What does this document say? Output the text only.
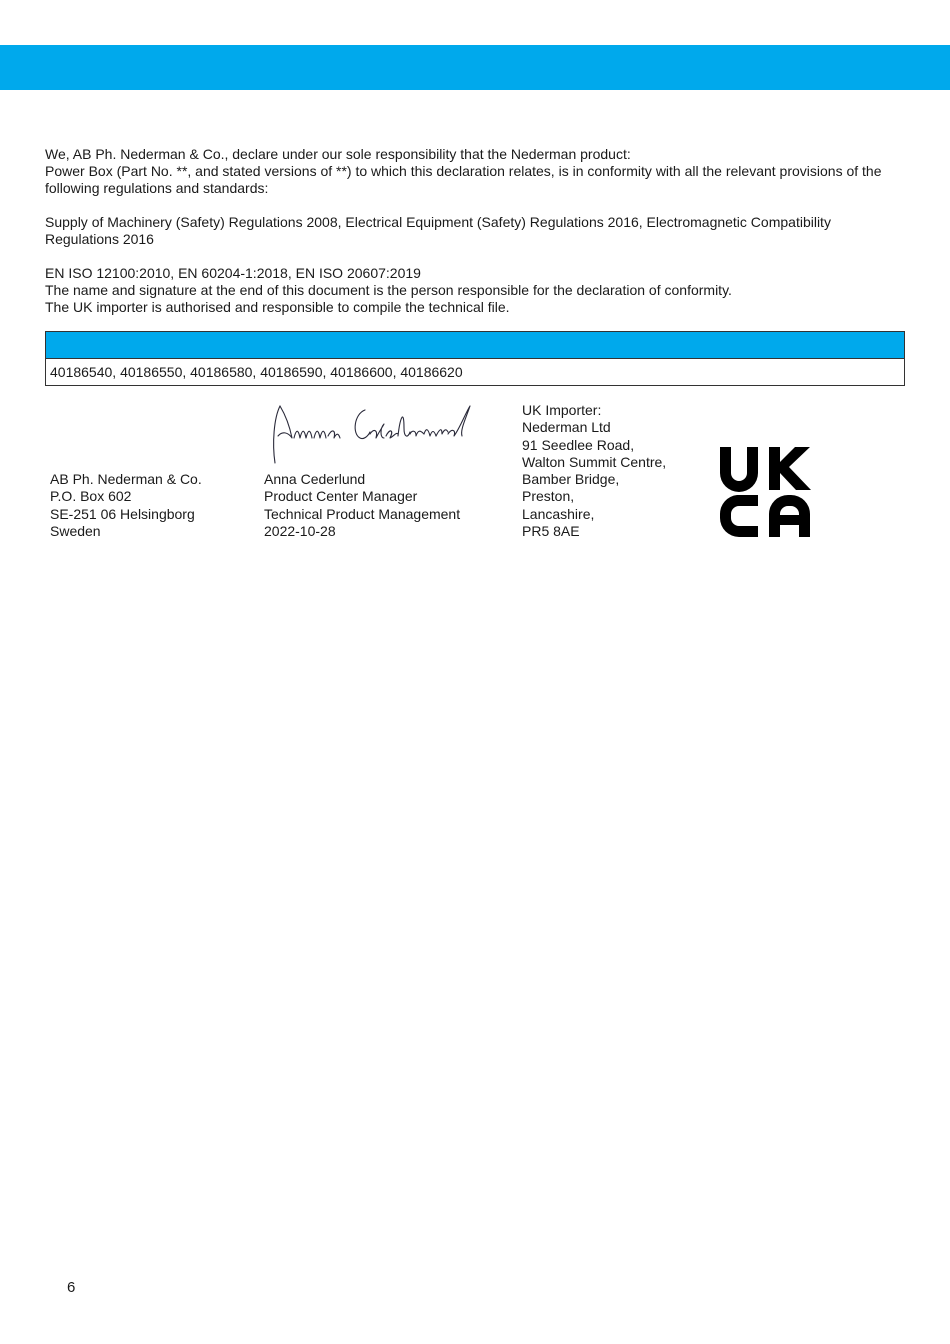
We, AB Ph. Nederman & Co., declare under our sole responsibility that the Nederman product:

Power Box (Part No. **, and stated versions of **) to which this declaration relates, is in conformity with all the relevant provisions of the following regulations and standards:

Supply of Machinery (Safety) Regulations 2008, Electrical Equipment (Safety) Regulations 2016, Electromagnetic Compatibility Regulations 2016

EN ISO 12100:2010, EN 60204-1:2018, EN ISO 20607:2019

The name and signature at the end of this document is the person responsible for the declaration of conformity.

The UK importer is authorised and responsible to compile the technical file.

40186540, 40186550, 40186580, 40186590, 40186600, 40186620
AB Ph. Nederman & Co.
P.O. Box 602
SE-251 06 Helsingborg
Sweden
Anna Cederlund
Product Center Manager
Technical Product Management
2022-10-28
UK Importer:
Nederman Ltd
91 Seedlee Road,
Walton Summit Centre,
Bamber Bridge,
Preston,
Lancashire,
PR5 8AE
6
